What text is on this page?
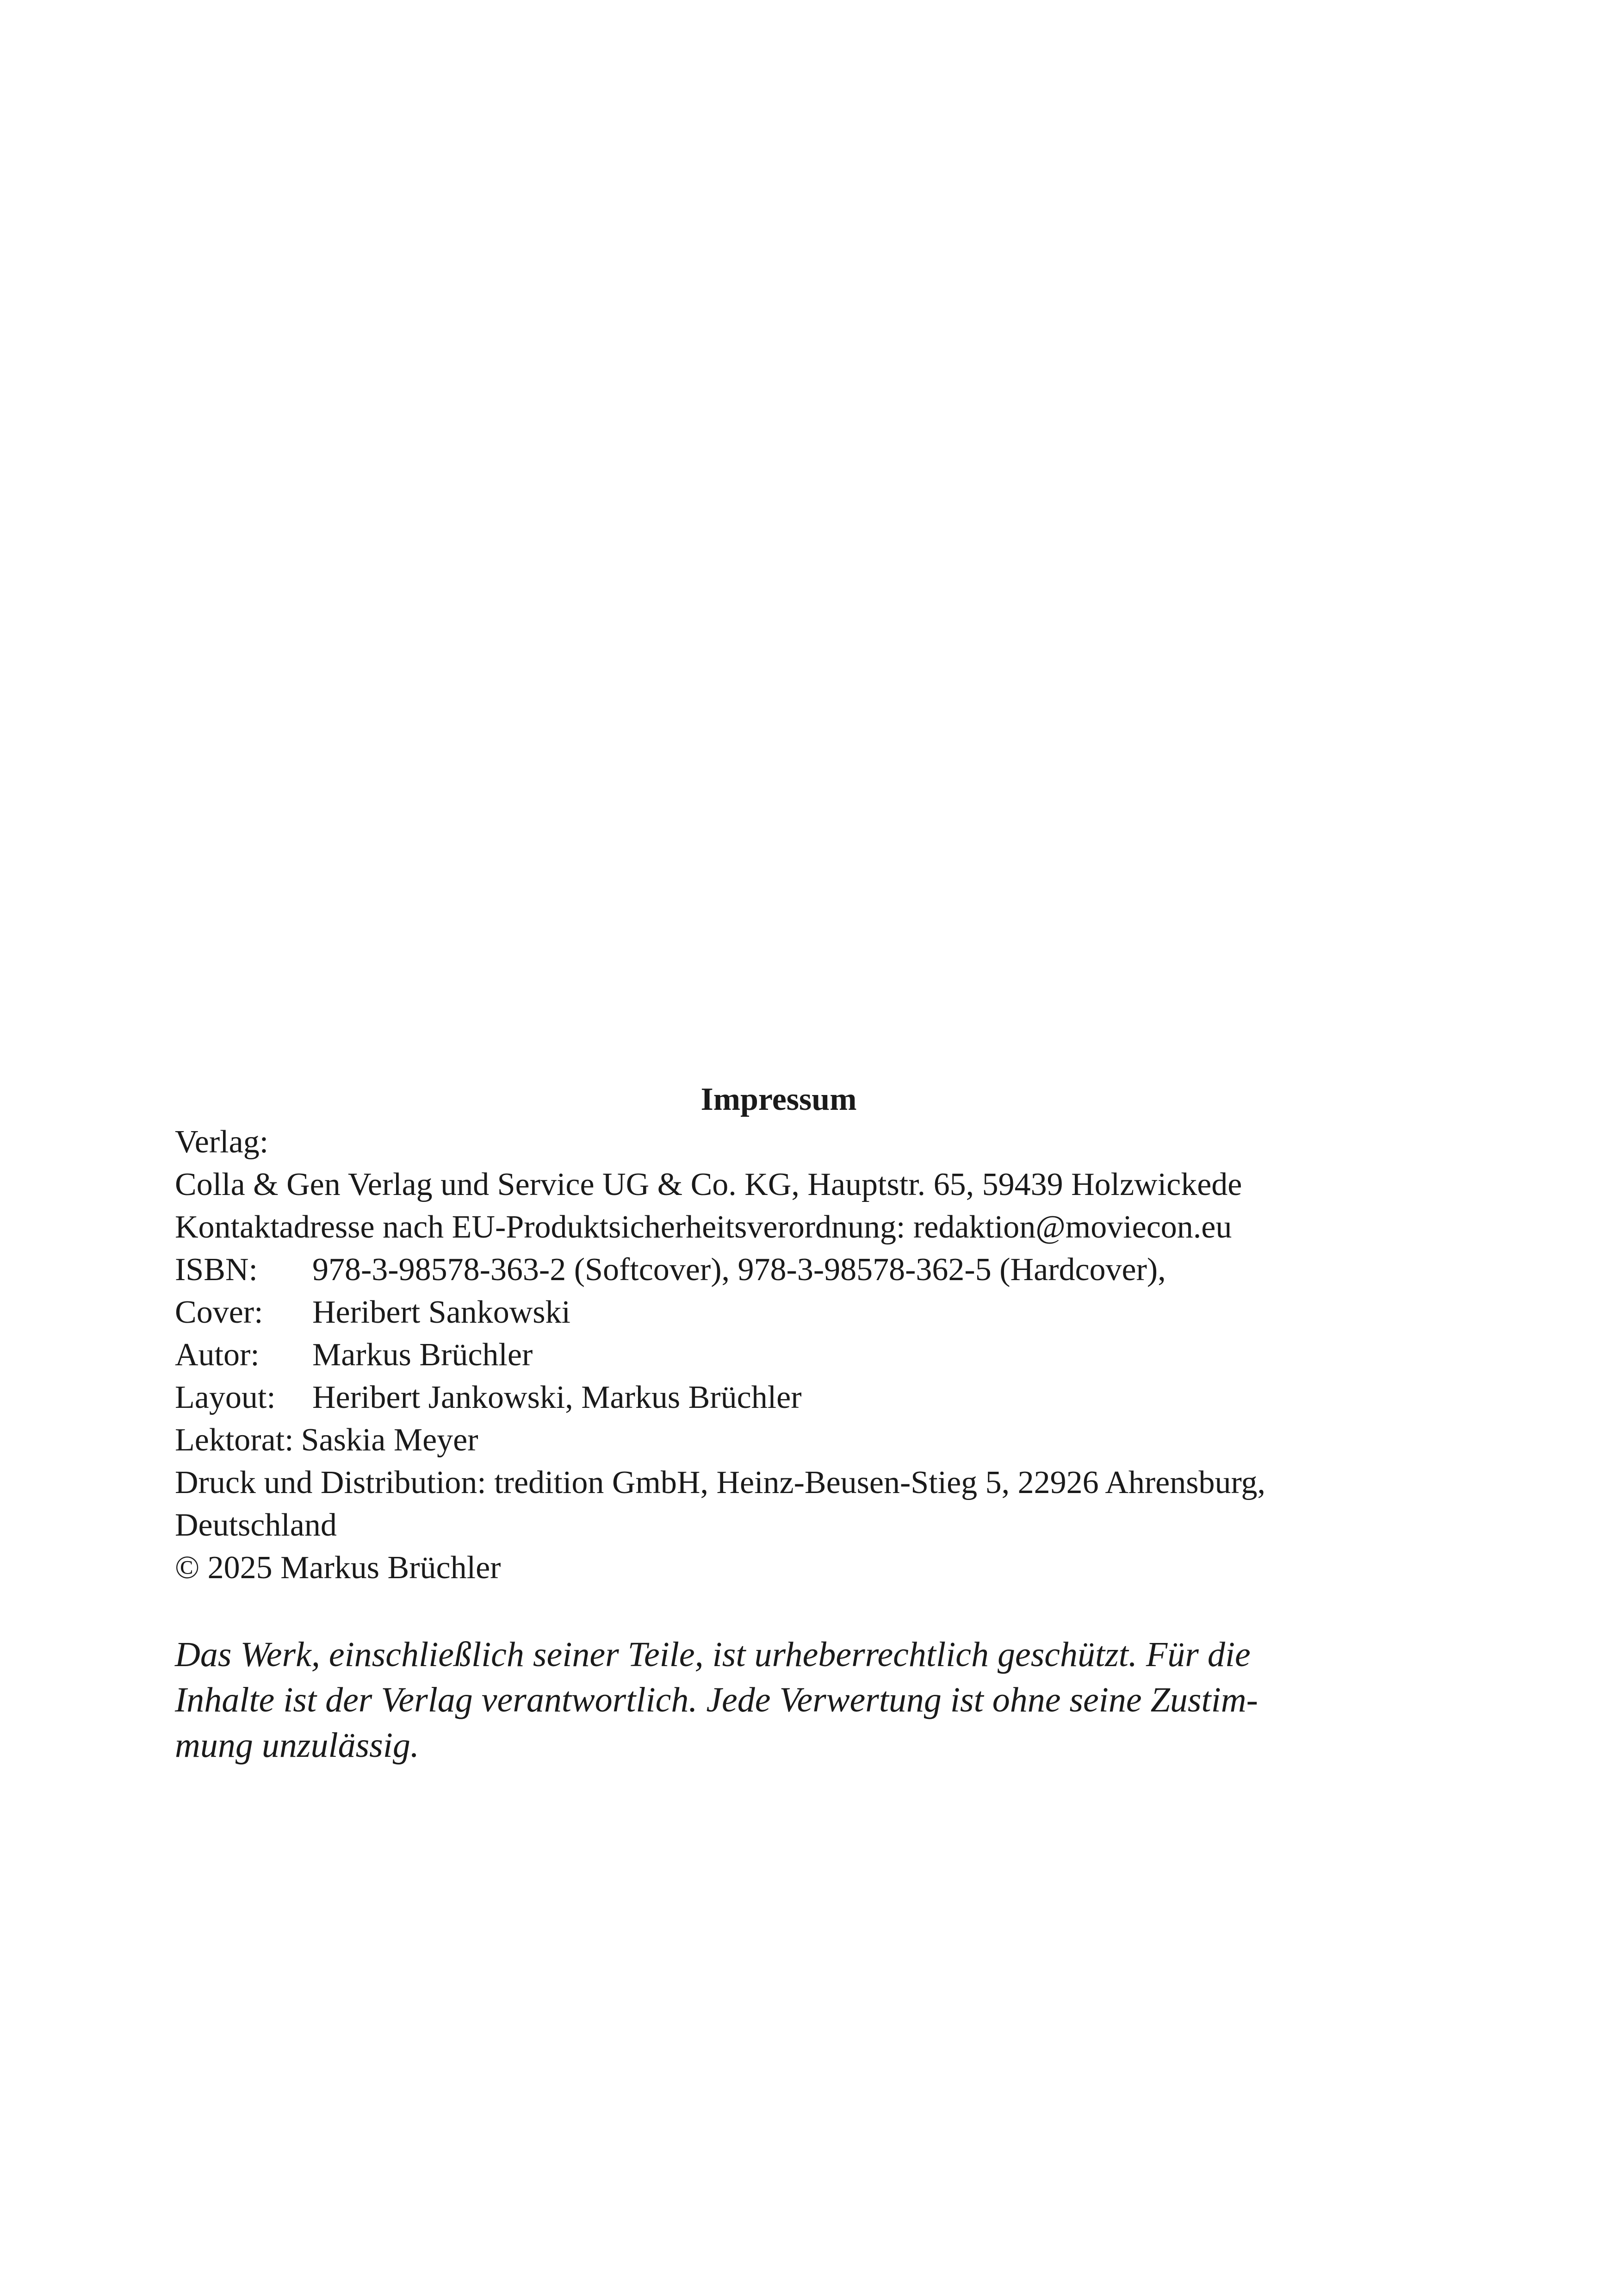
Impressum
Verlag:
Colla & Gen Verlag und Service UG & Co. KG, Hauptstr. 65, 59439 Holzwickede
Kontaktadresse nach EU-Produktsicherheitsverordnung: redaktion@moviecon.eu
ISBN:	978-3-98578-363-2 (Softcover), 978-3-98578-362-5 (Hardcover),
Cover:	Heribert Sankowski
Autor:	Markus Brüchler
Layout:	Heribert Jankowski, Markus Brüchler
Lektorat: Saskia Meyer
Druck und Distribution: tredition GmbH, Heinz-Beusen-Stieg 5, 22926 Ahrensburg,
Deutschland
© 2025 Markus Brüchler
Das Werk, einschließlich seiner Teile, ist urheberrechtlich geschützt. Für die
Inhalte ist der Verlag verantwortlich. Jede Verwertung ist ohne seine Zustim-
mung unzulässig.
